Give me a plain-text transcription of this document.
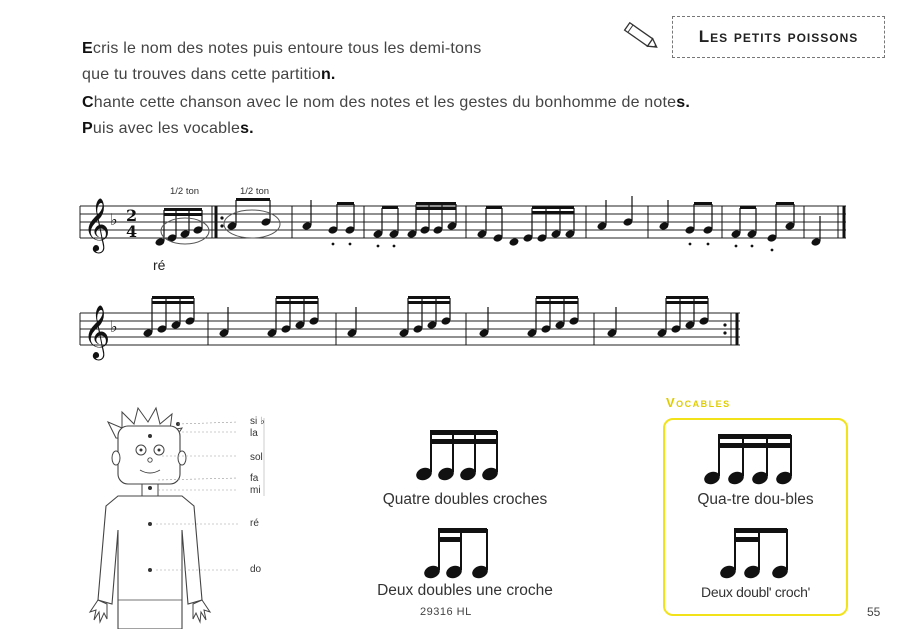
Ecris le nom des notes puis entoure tous les demi-tons
que tu trouves dans cette partition.
Chante cette chanson avec le nom des notes et les gestes du bonhomme de notes.
Puis avec les vocables.
Les petits poissons
𝄞 ♭ 2
4
1/2 ton
ré
1/2 ton
𝄞 ♭
si ♭
la
sol
fa
mi
ré
do
Quatre doubles croches
Deux doubles une croche
Vocables
Qua-tre dou-bles
Deux doubl' croch'
29316 HL	55
